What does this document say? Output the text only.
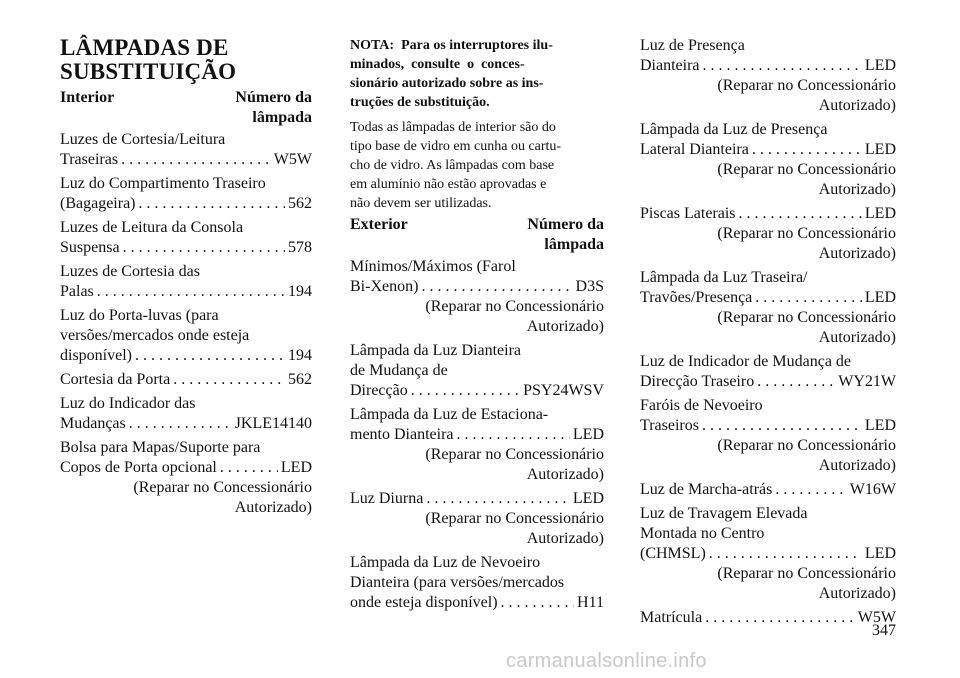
LÂMPADAS DE
SUBSTITUIÇÃO
Interior	Número da
lâmpada
Luzes de Cortesia/Leitura
Traseiras . . .	W5W
Luz do Compartimento Traseiro
(Bagageira) . . .	562
Luzes de Leitura da Consola
Suspensa . . .	578
Luzes de Cortesia das
Palas . . .	194
Luz do Porta-luvas (para
versões/mercados onde esteja
disponível) . . .	194
Cortesia da Porta . . .	562
Luz do Indicador das
Mudanças . . .	JKLE14140
Bolsa para Mapas/Suporte para
Copos de Porta opcional . . .	LED
(Reparar no Concessionário
Autorizado)
NOTA:  Para os interruptores ilu-
minados,  consulte  o  conces-
sionário autorizado sobre as ins-
truções de substituição.
Todas as lâmpadas de interior são do
tipo base de vidro em cunha ou cartu-
cho de vidro. As lâmpadas com base
em alumínio não estão aprovadas e
não devem ser utilizadas.
Exterior	Número da
lâmpada
Mínimos/Máximos (Farol
Bi-Xenon) . . .	D3S
(Reparar no Concessionário
Autorizado)
Lâmpada da Luz Dianteira
de Mudança de
Direcção . . .	PSY24WSV
Lâmpada da Luz de Estaciona-
mento Dianteira . . .	LED
(Reparar no Concessionário
Autorizado)
Luz Diurna . . .	LED
(Reparar no Concessionário
Autorizado)
Lâmpada da Luz de Nevoeiro
Dianteira (para versões/mercados
onde esteja disponível) . . .	H11
Luz de Presença
Dianteira . . .	LED
(Reparar no Concessionário
Autorizado)
Lâmpada da Luz de Presença
Lateral Dianteira . . .	LED
(Reparar no Concessionário
Autorizado)
Piscas Laterais . . .	LED
(Reparar no Concessionário
Autorizado)
Lâmpada da Luz Traseira/
Travões/Presença . . .	LED
(Reparar no Concessionário
Autorizado)
Luz de Indicador de Mudança de
Direcção Traseiro . . .	WY21W
Faróis de Nevoeiro
Traseiros . . .	LED
(Reparar no Concessionário
Autorizado)
Luz de Marcha-atrás . . .	W16W
Luz de Travagem Elevada
Montada no Centro
(CHMSL) . . .	LED
(Reparar no Concessionário
Autorizado)
Matrícula . . .	W5W
347
carmanualsonline.info
